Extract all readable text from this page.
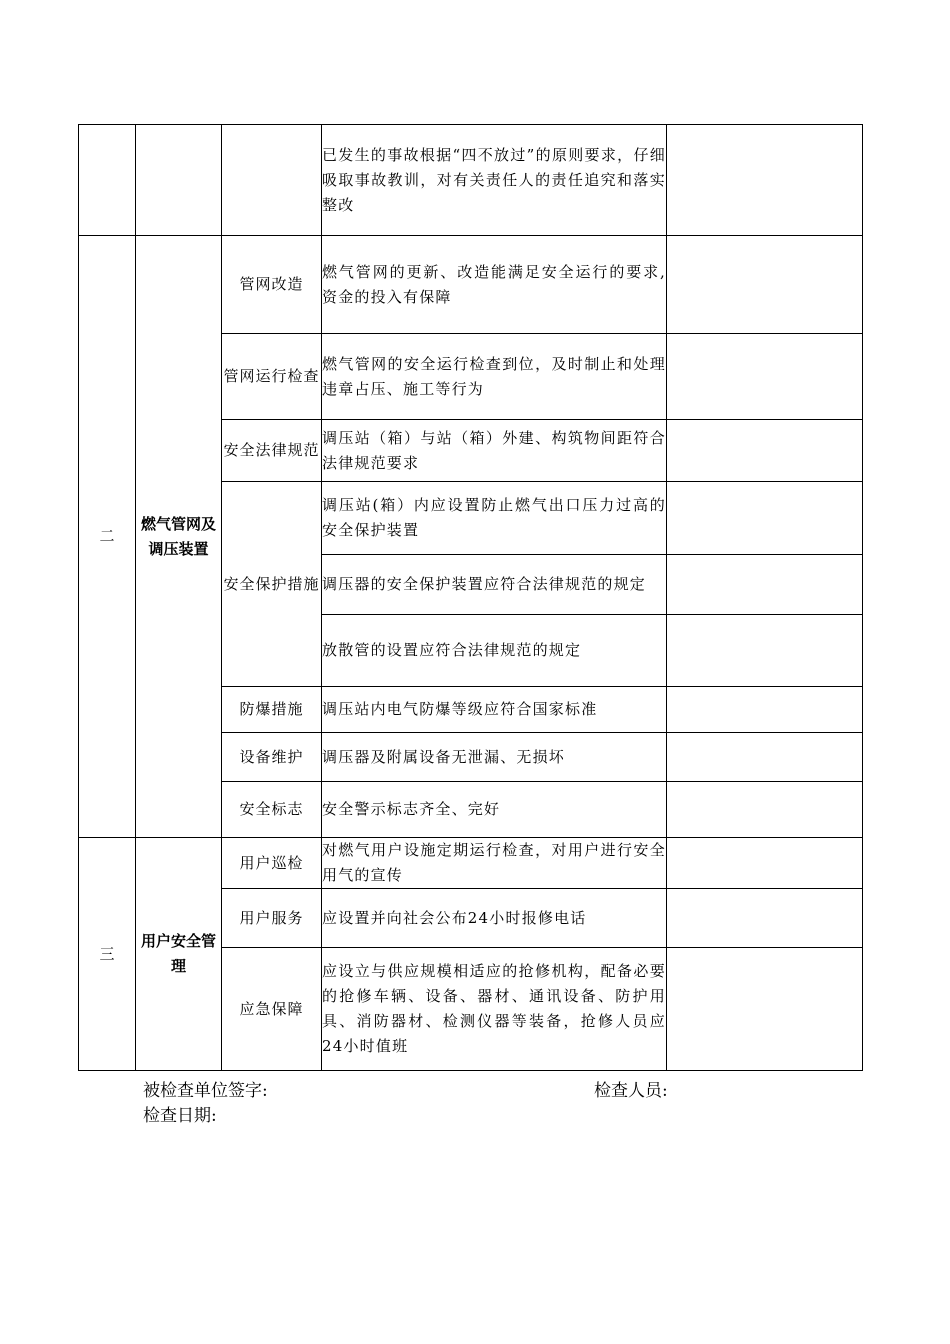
			已发生的事故根据“四不放过”的原则要求，仔细吸取事故教训，对有关责任人的责任追究和落实整改	
二	燃气管网及调压装置	管网改造	燃气管网的更新、改造能满足安全运行的要求,资金的投入有保障	
		管网运行检查	燃气管网的安全运行检查到位，及时制止和处理违章占压、施工等行为	
		安全法律规范	调压站（箱）与站（箱）外建、构筑物间距符合法律规范要求	
		安全保护措施	调压站(箱）内应设置防止燃气出口压力过高的安全保护装置	
			调压器的安全保护装置应符合法律规范的规定	
			放散管的设置应符合法律规范的规定	
		防爆措施	调压站内电气防爆等级应符合国家标准	
		设备维护	调压器及附属设备无泄漏、无损坏	
		安全标志	安全警示标志齐全、完好	
三	用户安全管理	用户巡检	对燃气用户设施定期运行检查，对用户进行安全用气的宣传	
		用户服务	应设置并向社会公布24小时报修电话	
		应急保障	应设立与供应规模相适应的抢修机构，配备必要的抢修车辆、设备、器材、通讯设备、防护用具、消防器材、检测仪器等装备，抢修人员应24小时值班	
被检查单位签字:	检查人员:
检查日期:
